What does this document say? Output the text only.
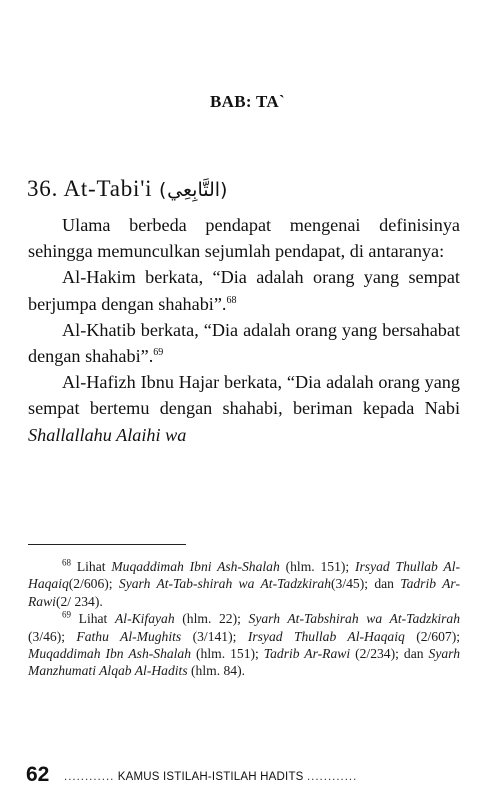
BAB: TA`
36. At-Tabi'i (التَّابِعِي)

Ulama berbeda pendapat mengenai definisinya sehingga memunculkan sejumlah pendapat, di antaranya:

Al-Hakim berkata, “Dia adalah orang yang sempat berjumpa dengan shahabi”.$^{68}$

Al-Khatib berkata, “Dia adalah orang yang bersahabat dengan shahabi”.$^{69}$

Al-Hafizh Ibnu Hajar berkata, “Dia adalah orang yang sempat bertemu dengan shahabi, beriman kepada Nabi Shallallahu Alaihi wa

$^{68}$ Lihat Muqaddimah Ibni Ash-Shalah (hlm. 151); Irsyad Thullab Al-Haqaiq(2/606); Syarh At-Tab-shirah wa At-Tadzkirah(3/45); dan Tadrib Ar-Rawi(2/ 234).

$^{69}$ Lihat Al-Kifayah (hlm. 22); Syarh At-Tabshirah wa At-Tadzkirah (3/46); Fathu Al-Mughits (3/141); Irsyad Thullab Al-Haqaiq (2/607); Muqaddimah Ibn Ash-Shalah (hlm. 151); Tadrib Ar-Rawi (2/234); dan Syarh Manzhumati Alqab Al-Hadits (hlm. 84).

62 ............ KAMUS ISTILAH-ISTILAH HADITS ............
